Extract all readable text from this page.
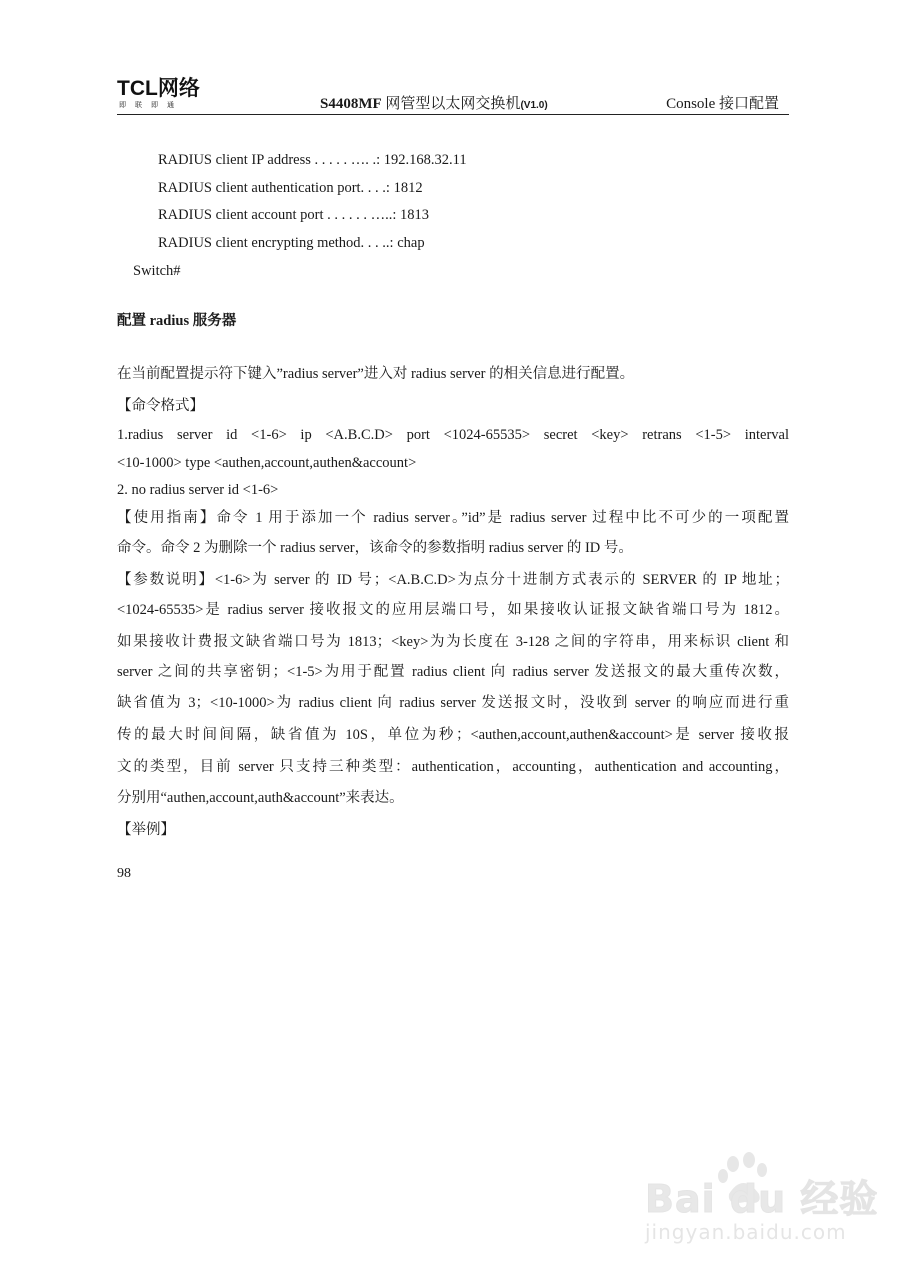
TCL网络
即联即通	S4408MF 网管型以太网交换机(V1.0)	Console 接口配置
RADIUS client IP address . . . . . …. .: 192.168.32.11
RADIUS client authentication port. . . .: 1812
RADIUS client account port . . . . . . …..: 1813
RADIUS client encrypting method. . . ..: chap
Switch#
配置 radius 服务器
在当前配置提示符下键入”radius server”进入对 radius server 的相关信息进行配置。
【命令格式】
1.radius server id <1-6> ip <A.B.C.D> port <1024-65535> secret <key> retrans <1-5> interval
<10-1000> type <authen,account,authen&account>
2. no radius server id <1-6>
【使用指南】命令 1 用于添加一个 radius server。”id”是 radius server 过程中比不可少的一项配置
命令。命令 2 为删除一个 radius server，该命令的参数指明 radius server 的 ID 号。
【参数说明】<1-6>为 server 的 ID 号；<A.B.C.D>为点分十进制方式表示的 SERVER 的 IP 地址；
<1024-65535>是 radius server 接收报文的应用层端口号，如果接收认证报文缺省端口号为 1812。
如果接收计费报文缺省端口号为 1813；<key>为为长度在 3-128 之间的字符串，用来标识 client 和
server 之间的共享密钥；<1-5>为用于配置 radius client 向 radius server 发送报文的最大重传次数，
缺省值为 3；<10-1000>为 radius client 向 radius server 发送报文时，没收到 server 的响应而进行重
传的最大时间间隔，缺省值为 10S，单位为秒；<authen,account,authen&account>是 server 接收报
文的类型，目前 server 只支持三种类型：authentication，accounting，authentication and accounting，
分别用“authen,account,auth&account”来表达。
【举例】
98
Bai du 经验
jingyan.baidu.com
